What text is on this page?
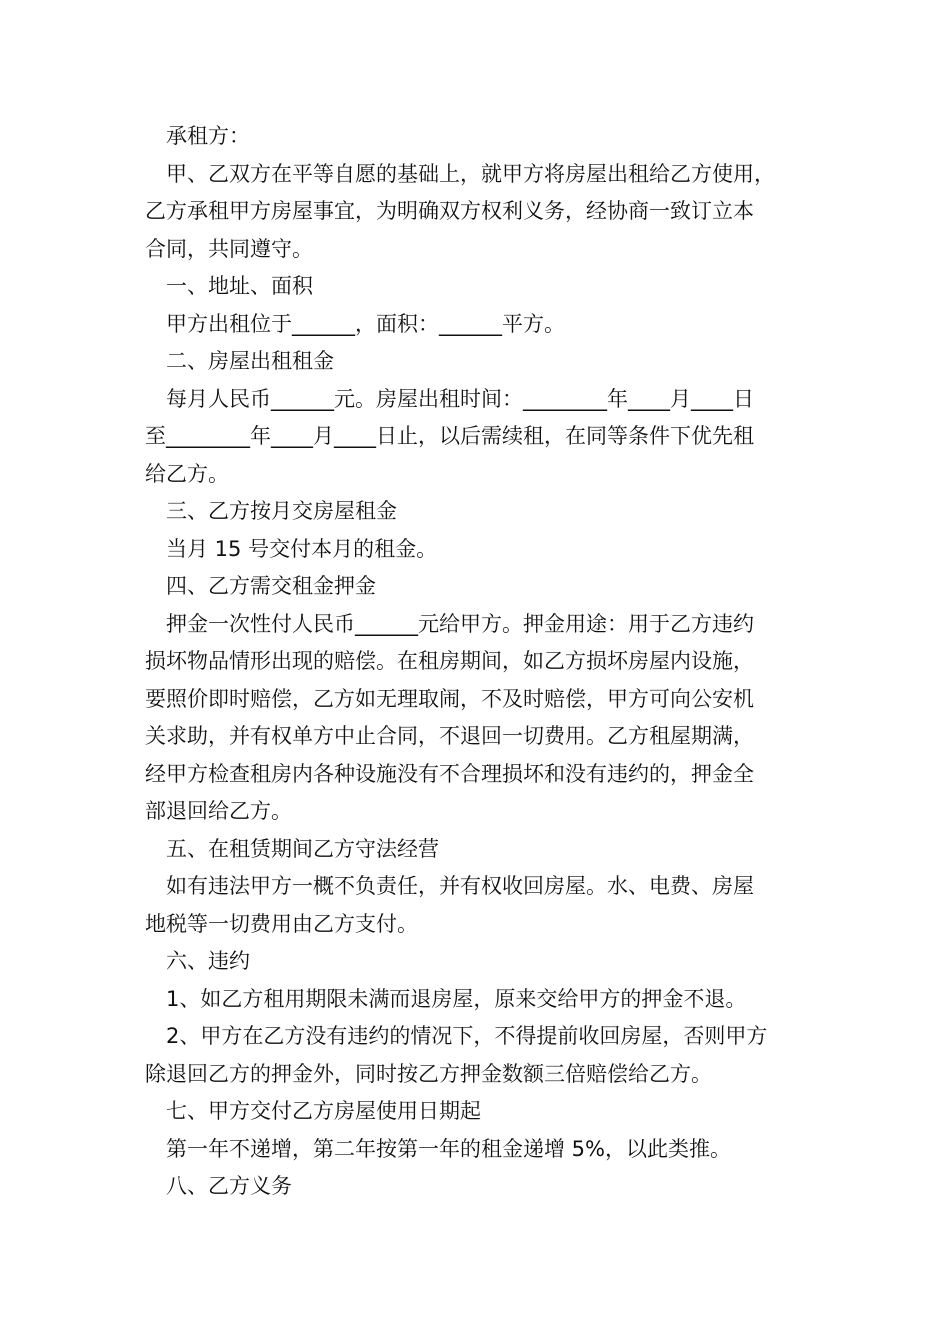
承租方：

甲、乙双方在平等自愿的基础上，就甲方将房屋出租给乙方使用，

乙方承租甲方房屋事宜，为明确双方权利义务，经协商一致订立本

合同，共同遵守。

一、地址、面积

甲方出租位于______，面积：______平方。

二、房屋出租租金

每月人民币______元。房屋出租时间：________年____月____日

至________年____月____日止，以后需续租，在同等条件下优先租

给乙方。

三、乙方按月交房屋租金

当月 15 号交付本月的租金。

四、乙方需交租金押金

押金一次性付人民币______元给甲方。押金用途：用于乙方违约

损坏物品情形出现的赔偿。在租房期间，如乙方损坏房屋内设施，

要照价即时赔偿，乙方如无理取闹，不及时赔偿，甲方可向公安机

关求助，并有权单方中止合同，不退回一切费用。乙方租屋期满，

经甲方检查租房内各种设施没有不合理损坏和没有违约的，押金全

部退回给乙方。

五、在租赁期间乙方守法经营

如有违法甲方一概不负责任，并有权收回房屋。水、电费、房屋

地税等一切费用由乙方支付。

六、违约

1、如乙方租用期限未满而退房屋，原来交给甲方的押金不退。

2、甲方在乙方没有违约的情况下，不得提前收回房屋，否则甲方

除退回乙方的押金外，同时按乙方押金数额三倍赔偿给乙方。

七、甲方交付乙方房屋使用日期起

第一年不递增，第二年按第一年的租金递增 5%，以此类推。

八、乙方义务
